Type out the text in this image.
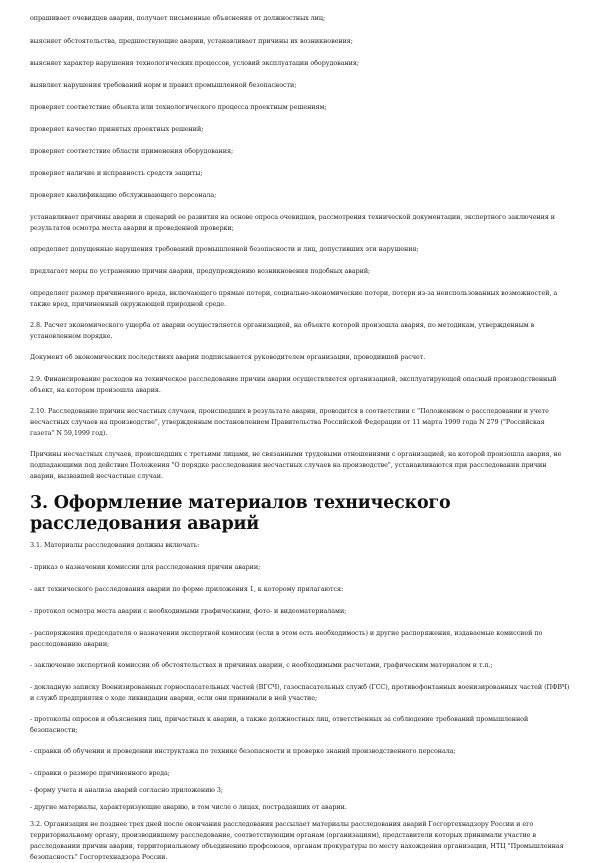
опрашивает очевидцев аварии, получает письменные объяснения от должностных лиц;

выясняет обстоятельства, предшествующие аварии, устанавливает причины их возникновения;

выясняет характер нарушения технологических процессов, условий эксплуатации оборудования;

выявляет нарушения требований норм и правил промышленной безопасности;

проверяет соответствие объекта или технологического процесса проектным решениям;

проверяет качество принятых проектных решений;

проверяет соответствие области применения оборудования;

проверяет наличие и исправность средств защиты;

проверяет квалификацию обслуживающего персонала;

устанавливает причины аварии и сценарий ее развития на основе опроса очевидцев, рассмотрения технической документации, экспертного заключения и результатов осмотра места аварии и проведенной проверки;

определяет допущенные нарушения требований промышленной безопасности и лиц, допустивших эти нарушения;

предлагает меры по устранению причин аварии, предупреждению возникновения подобных аварий;

определяет размер причиненного вреда, включающего прямые потери, социально-экономические потери, потери из-за неиспользованных возможностей, а также вред, причиненный окружающей природной среде.

2.8. Расчет экономического ущерба от аварии осуществляется организацией, на объекте которой произошла авария, по методикам, утвержденным в установленном порядке.

Документ об экономических последствиях аварии подписывается руководителем организации, проводившей расчет.

2.9. Финансирование расходов на техническое расследование причин аварии осуществляется организацией, эксплуатирующей опасный производственный объект, на котором произошла авария.

2.10. Расследование причин несчастных случаев, происшедших в результате аварии, проводится в соответствии с "Положением о расследовании и учете несчастных случаев на производстве", утвержденным постановлением Правительства Российской Федерации от 11 марта 1999 года N 279 ("Российская газета" N 59,1999 год).

Причины несчастных случаев, происшедших с третьими лицами, не связанными трудовыми отношениями с организацией, на которой произошла авария, не подпадающими под действие Положения "О порядке расследования несчастных случаев на производстве", устанавливаются при расследовании причин аварии, вызвавшей несчастные случаи.

3. Оформление материалов технического расследования аварий

3.1. Материалы расследования должны включать:

- приказ о назначении комиссии для расследования причин аварии;

- акт технического расследования аварии по форме приложения 1, к которому прилагаются:

- протокол осмотра места аварии с необходимыми графическими, фото- и видеоматериалами;

- распоряжения председателя о назначении экспертной комиссии (если в этом есть необходимость) и другие распоряжения, издаваемые комиссией по расследованию аварии;

- заключение экспертной комиссии об обстоятельствах и причинах аварии, с необходимыми расчетами, графическим материалом и т.п.;

- докладную записку Военизированных горноспасательных частей (ВГСЧ), газоспасательных служб (ГСС), противофонтанных военизированных частей (ПФВЧ) и служб предприятия о ходе ликвидации аварии, если они принимали в ней участие;

- протоколы опросов и объяснения лиц, причастных к аварии, а также должностных лиц, ответственных за соблюдение требований промышленной безопасности;

- справки об обучении и проведении инструктажа по технике безопасности и проверке знаний производственного персонала;

- справки о размере причиненного вреда;

- форму учета и анализа аварий согласно приложению 3;

- другие материалы, характеризующие аварию, в том числе о лицах, пострадавших от аварии.

3.2. Организация не позднее трех дней после окончания расследования рассылает материалы расследования аварий Госгортехнадзору России и его территориальному органу, производившему расследование, соответствующим органам (организациям), представители которых принимали участие в расследовании причин аварии, территориальному объединению профсоюзов, органам прокуратуры по месту нахождения организации, НТЦ "Промышленная безопасность" Госгортехнадзора России.
